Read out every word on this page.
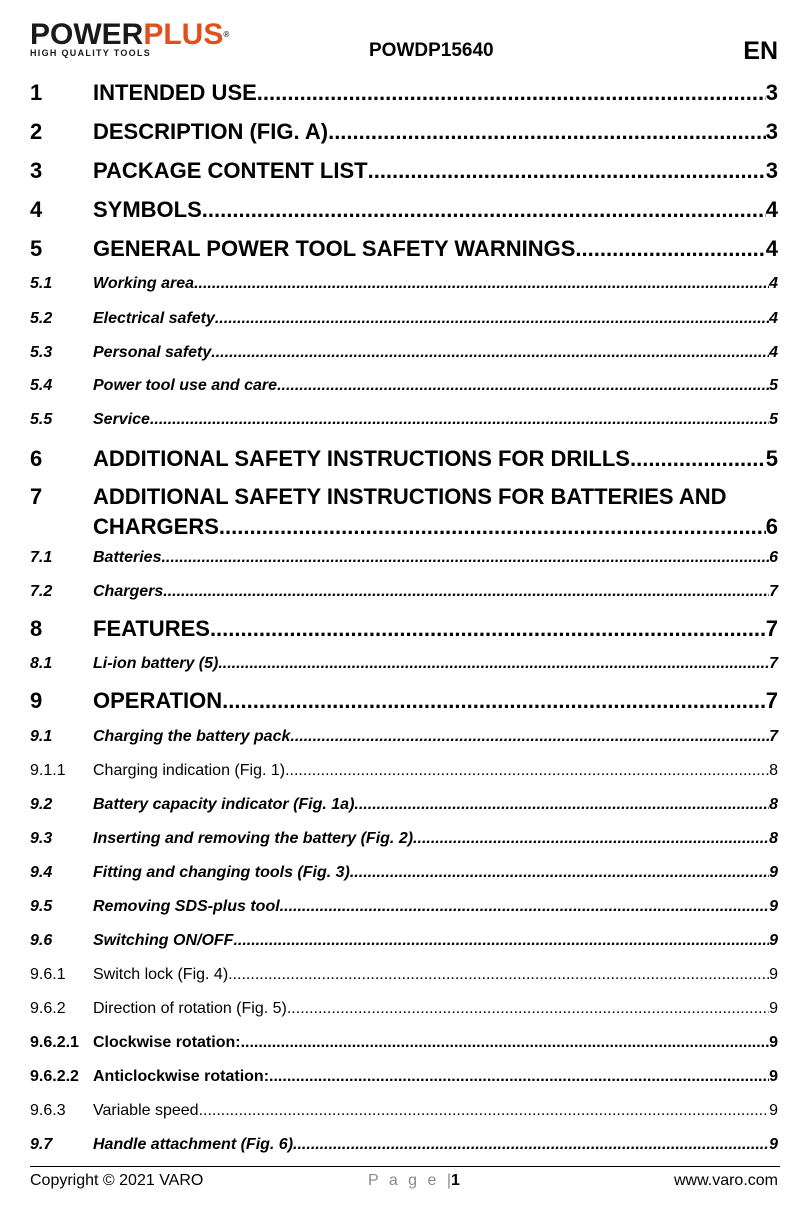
POWERPLUS®
HIGH QUALITY TOOLS	POWDP15640	EN
1	INTENDED USE .....	3
2	DESCRIPTION (FIG. A) .....	3
3	PACKAGE CONTENT LIST .....	3
4	SYMBOLS .....	4
5	GENERAL POWER TOOL SAFETY WARNINGS .....	4
5.1	Working area .....	4
5.2	Electrical safety .....	4
5.3	Personal safety .....	4
5.4	Power tool use and care .....	5
5.5	Service .....	5
6	ADDITIONAL SAFETY INSTRUCTIONS FOR DRILLS .....	5
7	ADDITIONAL SAFETY INSTRUCTIONS FOR BATTERIES AND
CHARGERS .....	6
7.1	Batteries .....	6
7.2	Chargers .....	7
8	FEATURES .....	7
8.1	Li-ion battery (5) .....	7
9	OPERATION .....	7
9.1	Charging the battery pack .....	7
9.1.1	Charging indication (Fig. 1) .....	8
9.2	Battery capacity indicator (Fig. 1a) .....	8
9.3	Inserting and removing the battery (Fig. 2) .....	8
9.4	Fitting and changing tools (Fig. 3) .....	9
9.5	Removing SDS-plus tool .....	9
9.6	Switching ON/OFF .....	9
9.6.1	Switch lock (Fig. 4) .....	9
9.6.2	Direction of rotation (Fig. 5) .....	9
9.6.2.1 Clockwise rotation: .....	9
9.6.2.2 Anticlockwise rotation: .....	9
9.6.3	Variable speed .....	9
9.7	Handle attachment (Fig. 6) .....	9
Copyright © 2021 VARO	P a g e |1	www.varo.com
